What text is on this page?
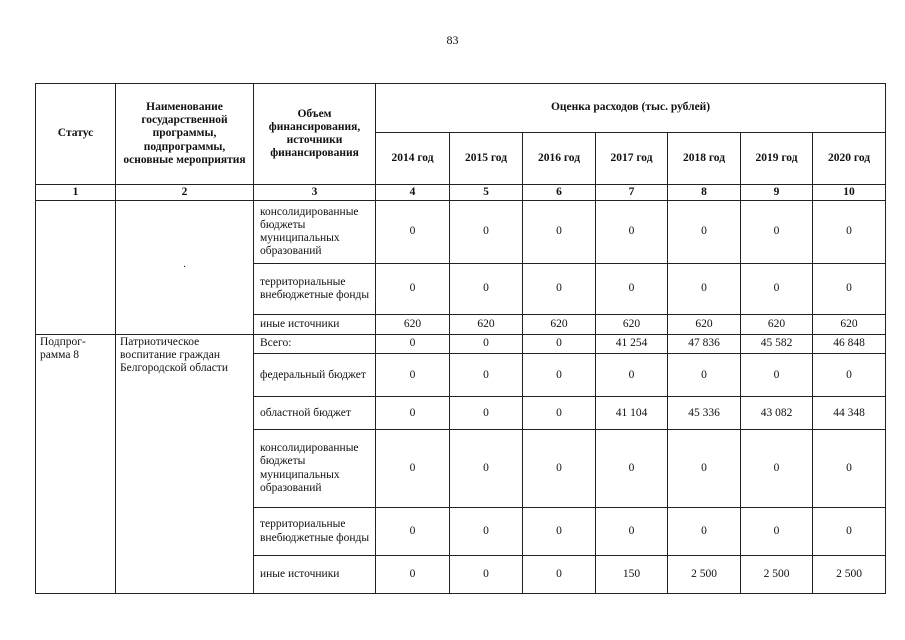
83
Статус	Наименование государственной программы, подпрограммы, основные мероприятия	Объем финансирования, источники финансирования	Оценка расходов (тыс. рублей)						
			2014 год	2015 год	2016 год	2017 год	2018 год	2019 год	2020 год
1	2	3	4	5	6	7	8	9	10

	·	консолидированные бюджеты муниципальных образований	0	0	0	0	0	0	0
		территориальные внебюджетные фонды	0	0	0	0	0	0	0
		иные источники	620	620	620	620	620	620	620
Подпрог- рамма 8	Патриотическое воспитание граждан Белгородской области	Всего:	0	0	0	41 254	47 836	45 582	46 848
		федеральный бюджет	0	0	0	0	0	0	0
		областной бюджет	0	0	0	41 104	45 336	43 082	44 348
		консолидированные бюджеты муниципальных образований	0	0	0	0	0	0	0
		территориальные внебюджетные фонды	0	0	0	0	0	0	0
		иные источники	0	0	0	150	2 500	2 500	2 500
